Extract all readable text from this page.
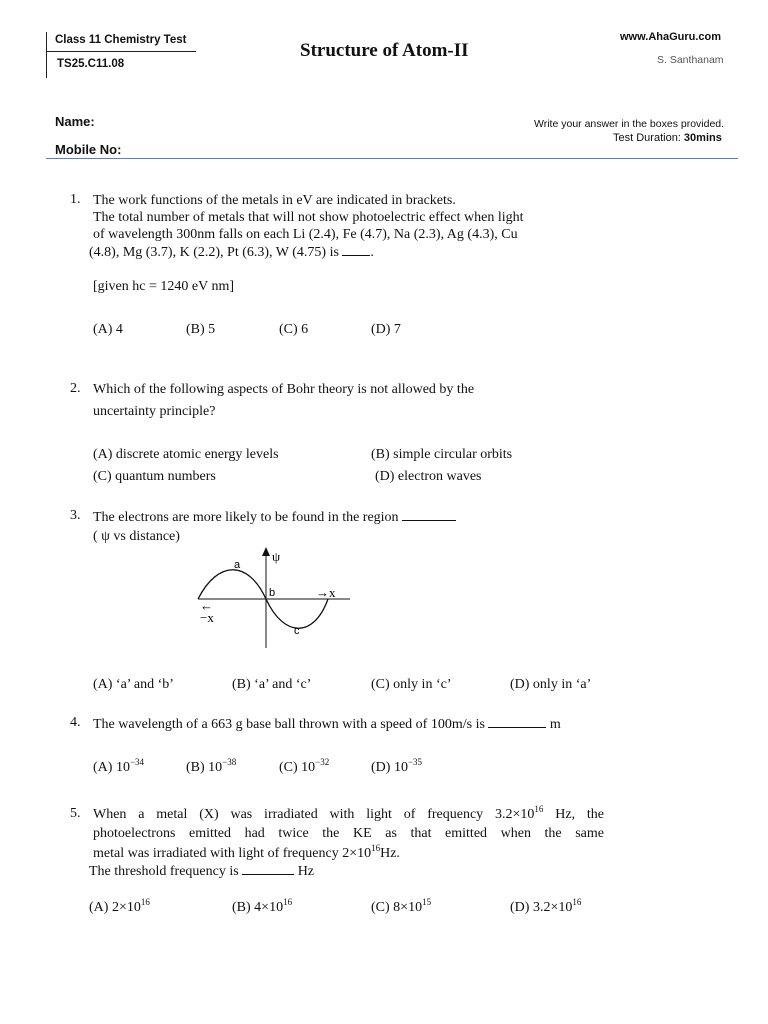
Class 11 Chemistry Test
TS25.C11.08
Structure of Atom-II
www.AhaGuru.com
S. Santhanam
Name:
Mobile No:
Write your answer in the boxes provided.
Test Duration: 30mins
1. The work functions of the metals in eV are indicated in brackets.
The total number of metals that will not show photoelectric effect when light
of wavelength 300nm falls on each Li (2.4), Fe (4.7), Na (2.3), Ag (4.3), Cu
(4.8), Mg (3.7), K (2.2), Pt (6.3), W (4.75) is .
[given hc = 1240 eV nm]
(A) 4	(B) 5	(C) 6	(D) 7
2. Which of the following aspects of Bohr theory is not allowed by the
uncertainty principle?
(A) discrete atomic energy levels	(B) simple circular orbits
(C) quantum numbers	(D) electron waves
3. The electrons are more likely to be found in the region
( ψ vs distance)
ψ
a
b
c
→x
←
−x
(A) ‘a’ and ‘b’	(B) ‘a’ and ‘c’	(C) only in ‘c’	(D) only in ‘a’
4. The wavelength of a 663 g base ball thrown with a speed of 100m/s is	m
(A) $10^{-34}$	(B) $10^{-38}$	(C) $10^{-32}$	(D) $10^{-35}$
5. When a metal (X) was irradiated with light of frequency $3.2\times 10^{16}$ Hz, the
photoelectrons emitted had twice the KE as that emitted when the same
metal was irradiated with light of frequency $2\times 10^{16}Hz$.
The threshold frequency is	Hz
(A) $2\times 10^{16}$	(B) $4\times 10^{16}$	(C) $8\times 10^{15}$	(D) $3.2\times 10^{16}$
